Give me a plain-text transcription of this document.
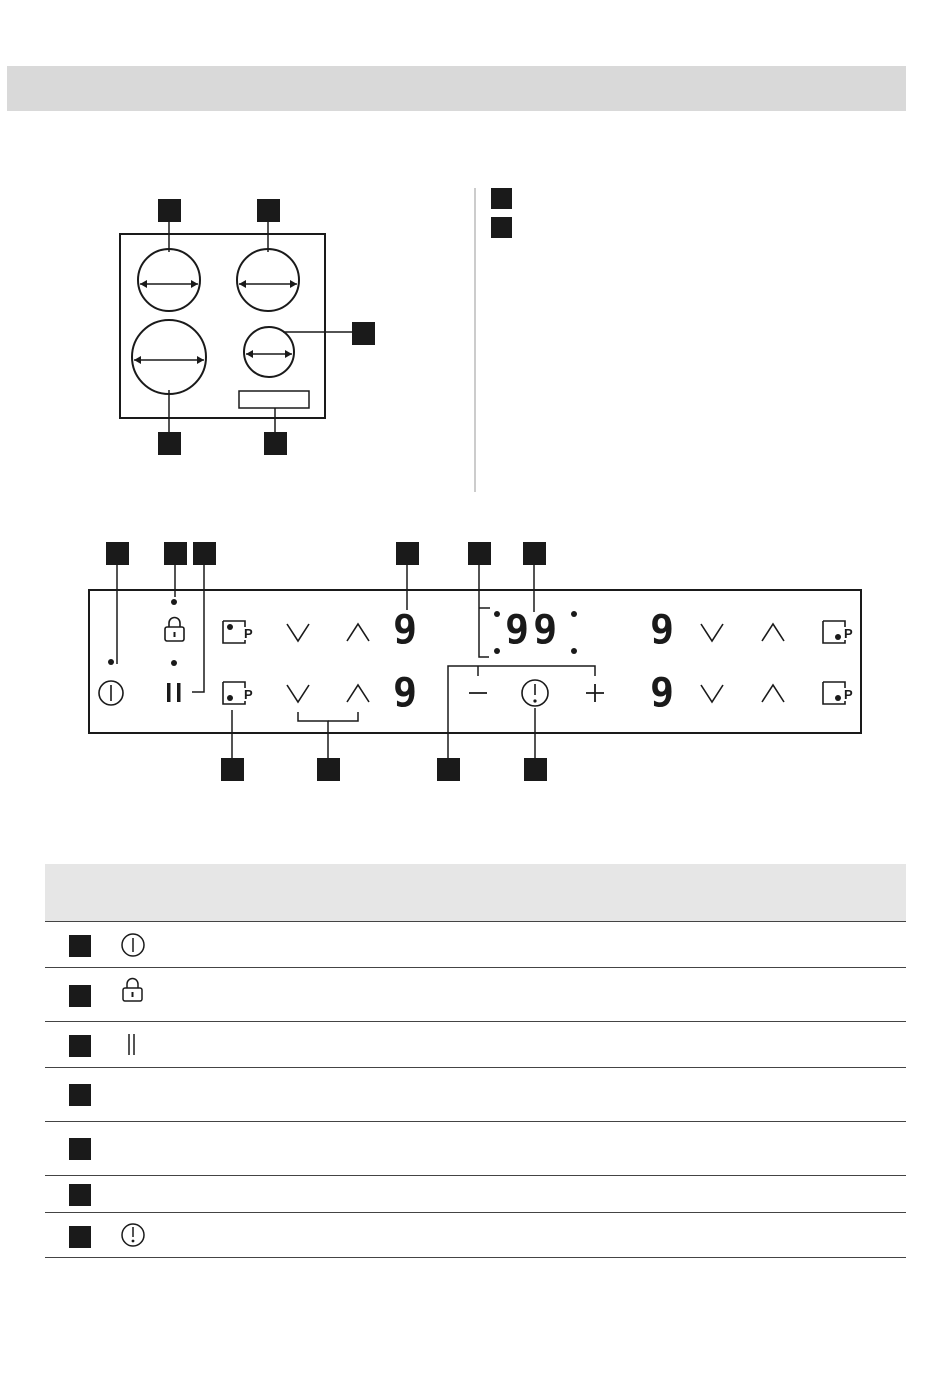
9
9
99 9
9
P
P
P
P
